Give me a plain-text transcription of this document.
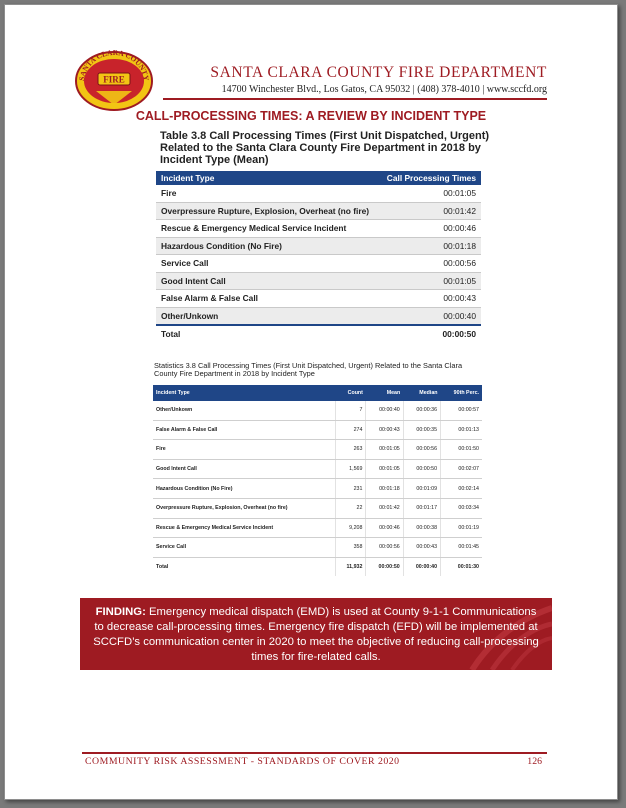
SANTA CLARA COUNTY
FIRE	SANTA CLARA COUNTY FIRE DEPARTMENT
14700 Winchester Blvd., Los Gatos, CA 95032 | (408) 378-4010 | www.sccfd.org
CALL-PROCESSING TIMES: A REVIEW BY INCIDENT TYPE
Table 3.8 Call Processing Times (First Unit Dispatched, Urgent) Related to the Santa Clara County Fire Department in 2018 by Incident Type (Mean)
Incident Type	Call Processing Times
Fire	00:01:05
Overpressure Rupture, Explosion, Overheat (no fire)	00:01:42
Rescue & Emergency Medical Service Incident	00:00:46
Hazardous Condition (No Fire)	00:01:18
Service Call	00:00:56
Good Intent Call	00:01:05
False Alarm & False Call	00:00:43
Other/Unkown	00:00:40
Total	00:00:50
Statistics 3.8 Call Processing Times (First Unit Dispatched, Urgent) Related to the Santa Clara County Fire Department in 2018 by Incident Type
Incident Type	Count	Mean	Median	90th Perc.
Other/Unkown	7	00:00:40	00:00:36	00:00:57
False Alarm & False Call	274	00:00:43	00:00:35	00:01:13
Fire	263	00:01:05	00:00:56	00:01:50
Good Intent Call	1,569	00:01:05	00:00:50	00:02:07
Hazardous Condition (No Fire)	231	00:01:18	00:01:09	00:02:14
Overpressure Rupture, Explosion, Overheat (no fire)	22	00:01:42	00:01:17	00:03:34
Rescue & Emergency Medical Service Incident	9,208	00:00:46	00:00:38	00:01:19
Service Call	358	00:00:56	00:00:43	00:01:45
Total	11,932	00:00:50	00:00:40	00:01:30
FINDING: Emergency medical dispatch (EMD) is used at County 9-1-1 Communications to decrease call-processing times. Emergency fire dispatch (EFD) will be implemented at SCCFD’s communication center in 2020 to meet the objective of reducing call-processing times for fire-related calls.
COMMUNITY RISK ASSESSMENT - STANDARDS OF COVER 2020	126
